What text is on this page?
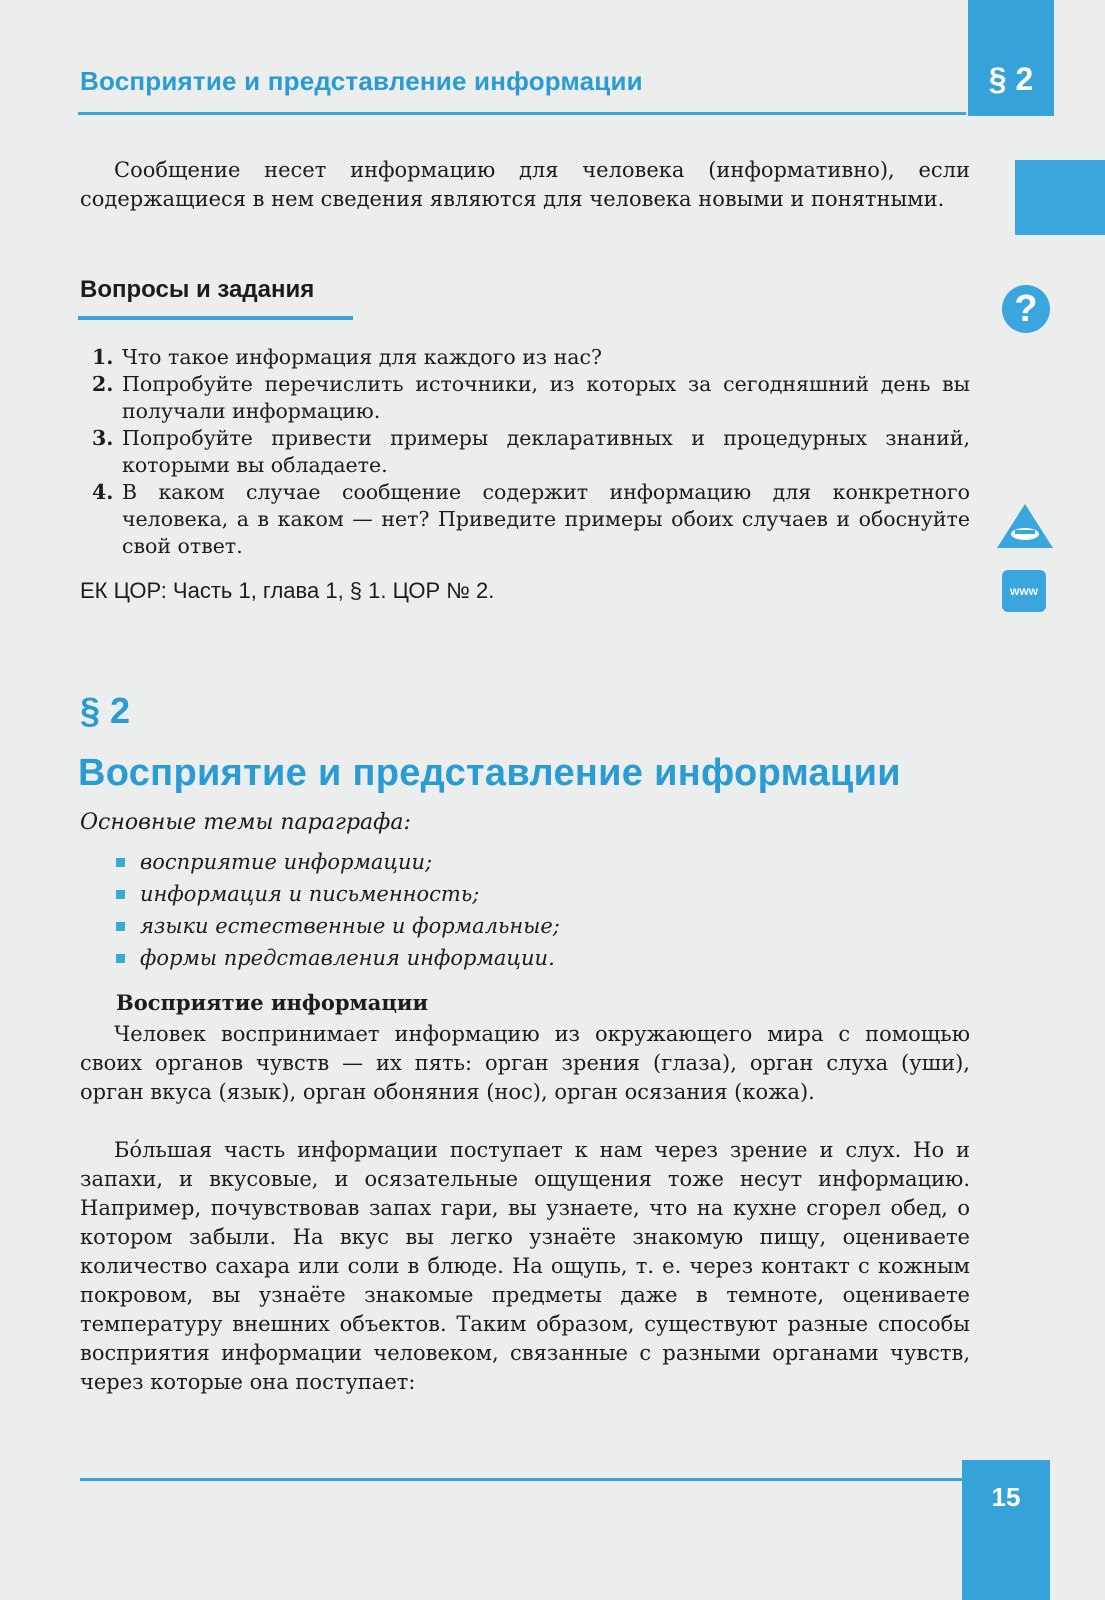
Восприятие и представление информации	§ 2
?
www
Сообщение несет информацию для человека (информативно), если содержащиеся в нем сведения являются для человека новыми и понятными.
Вопросы и задания
1. Что такое информация для каждого из нас?
2. Попробуйте перечислить источники, из которых за сегодняшний день вы получали информацию.
3. Попробуйте привести примеры декларативных и процедурных знаний, которыми вы обладаете.
4. В каком случае сообщение содержит информацию для конкретного человека, а в каком — нет? Приведите примеры обоих случаев и обоснуйте свой ответ.
ЕК ЦОР: Часть 1, глава 1, § 1. ЦОР № 2.
§ 2
Восприятие и представление информации
Основные темы параграфа:
восприятие информации;
информация и письменность;
языки естественные и формальные;
формы представления информации.
Восприятие информации
Человек воспринимает информацию из окружающего мира с помощью своих органов чувств — их пять: орган зрения (глаза), орган слуха (уши), орган вкуса (язык), орган обоняния (нос), орган осязания (кожа).
Бо́льшая часть информации поступает к нам через зрение и слух. Но и запахи, и вкусовые, и осязательные ощущения тоже несут информацию. Например, почувствовав запах гари, вы узнаете, что на кухне сгорел обед, о котором забыли. На вкус вы легко узнаёте знакомую пищу, оцениваете количество сахара или соли в блюде. На ощупь, т. е. через контакт с кожным покровом, вы узнаёте знакомые предметы даже в темноте, оцениваете температуру внешних объектов. Таким образом, существуют разные способы восприятия информации человеком, связанные с разными органами чувств, через которые она поступает:
15
